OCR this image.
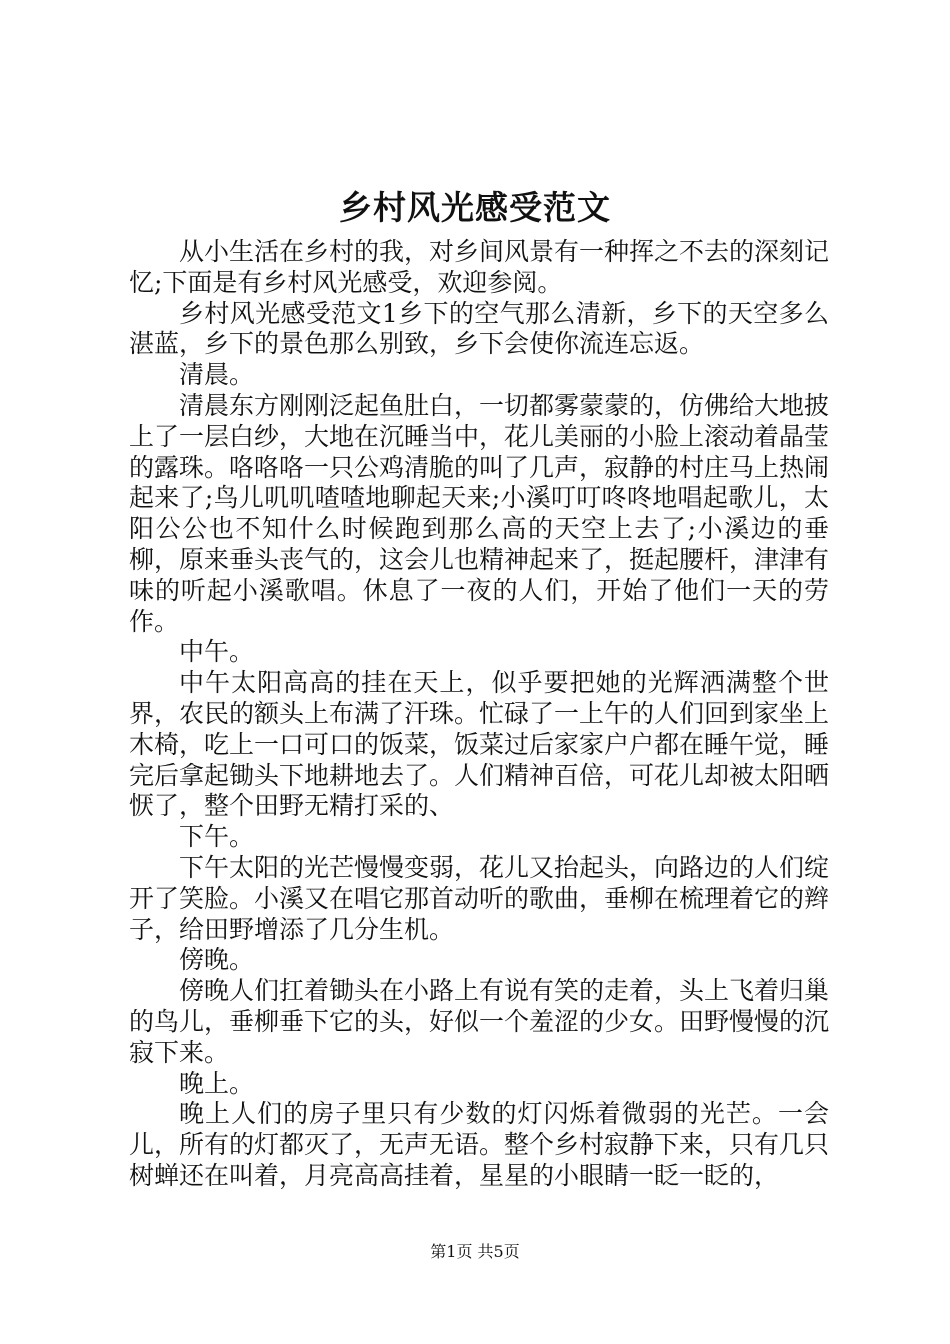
乡村风光感受范文

从小生活在乡村的我，对乡间风景有一种挥之不去的深刻记忆;下面是有乡村风光感受，欢迎参阅。

乡村风光感受范文1乡下的空气那么清新，乡下的天空多么湛蓝，乡下的景色那么别致，乡下会使你流连忘返。

清晨。

清晨东方刚刚泛起鱼肚白，一切都雾蒙蒙的，仿佛给大地披上了一层白纱，大地在沉睡当中，花儿美丽的小脸上滚动着晶莹的露珠。咯咯咯一只公鸡清脆的叫了几声，寂静的村庄马上热闹起来了;鸟儿叽叽喳喳地聊起天来;小溪叮叮咚咚地唱起歌儿，太阳公公也不知什么时候跑到那么高的天空上去了;小溪边的垂柳，原来垂头丧气的，这会儿也精神起来了，挺起腰杆，津津有味的听起小溪歌唱。休息了一夜的人们，开始了他们一天的劳作。

中午。

中午太阳高高的挂在天上，似乎要把她的光辉洒满整个世界，农民的额头上布满了汗珠。忙碌了一上午的人们回到家坐上木椅，吃上一口可口的饭菜，饭菜过后家家户户都在睡午觉，睡完后拿起锄头下地耕地去了。人们精神百倍，可花儿却被太阳晒恹了，整个田野无精打采的、

下午。

下午太阳的光芒慢慢变弱，花儿又抬起头，向路边的人们绽开了笑脸。小溪又在唱它那首动听的歌曲，垂柳在梳理着它的辫子，给田野增添了几分生机。

傍晚。

傍晚人们扛着锄头在小路上有说有笑的走着，头上飞着归巢的鸟儿，垂柳垂下它的头，好似一个羞涩的少女。田野慢慢的沉寂下来。

晚上。

晚上人们的房子里只有少数的灯闪烁着微弱的光芒。一会儿，所有的灯都灭了，无声无语。整个乡村寂静下来，只有几只树蝉还在叫着，月亮高高挂着，星星的小眼睛一眨一眨的，

第1页 共5页
